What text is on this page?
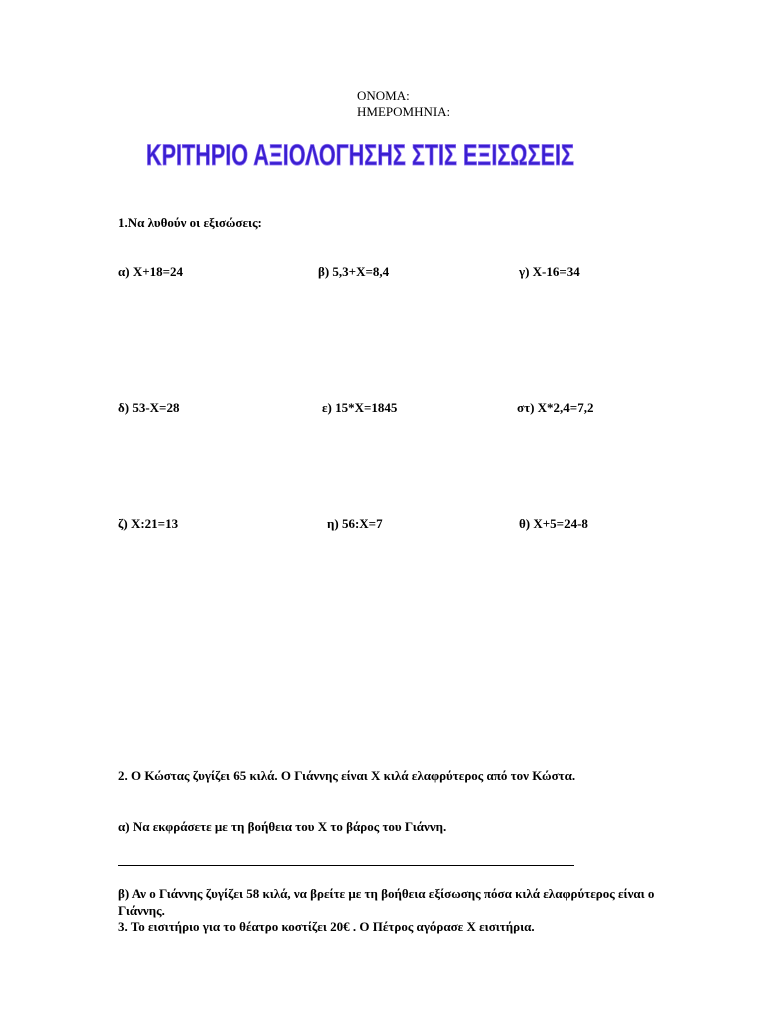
ΟΝΟΜΑ:
ΗΜΕΡΟΜΗΝΙΑ:
ΚΡΙΤΗΡΙΟ ΑΞΙΟΛΟΓΗΣΗΣ ΣΤΙΣ ΕΞΙΣΩΣΕΙΣ
1.Να λυθούν οι εξισώσεις:
α) Χ+18=24	β) 5,3+Χ=8,4	γ) Χ-16=34
δ) 53-Χ=28	ε) 15*Χ=1845	στ) Χ*2,4=7,2
ζ) Χ:21=13	η) 56:Χ=7	θ) Χ+5=24-8
2. Ο Κώστας ζυγίζει 65 κιλά. Ο Γιάννης είναι Χ κιλά ελαφρύτερος από τον Κώστα.
α) Να εκφράσετε με τη βοήθεια του Χ το βάρος του Γιάννη.
β) Αν ο Γιάννης ζυγίζει 58 κιλά, να βρείτε με τη βοήθεια εξίσωσης πόσα κιλά ελαφρύτερος είναι ο Γιάννης.
3. Το εισιτήριο για το θέατρο κοστίζει 20€ . Ο Πέτρος αγόρασε Χ εισιτήρια.
